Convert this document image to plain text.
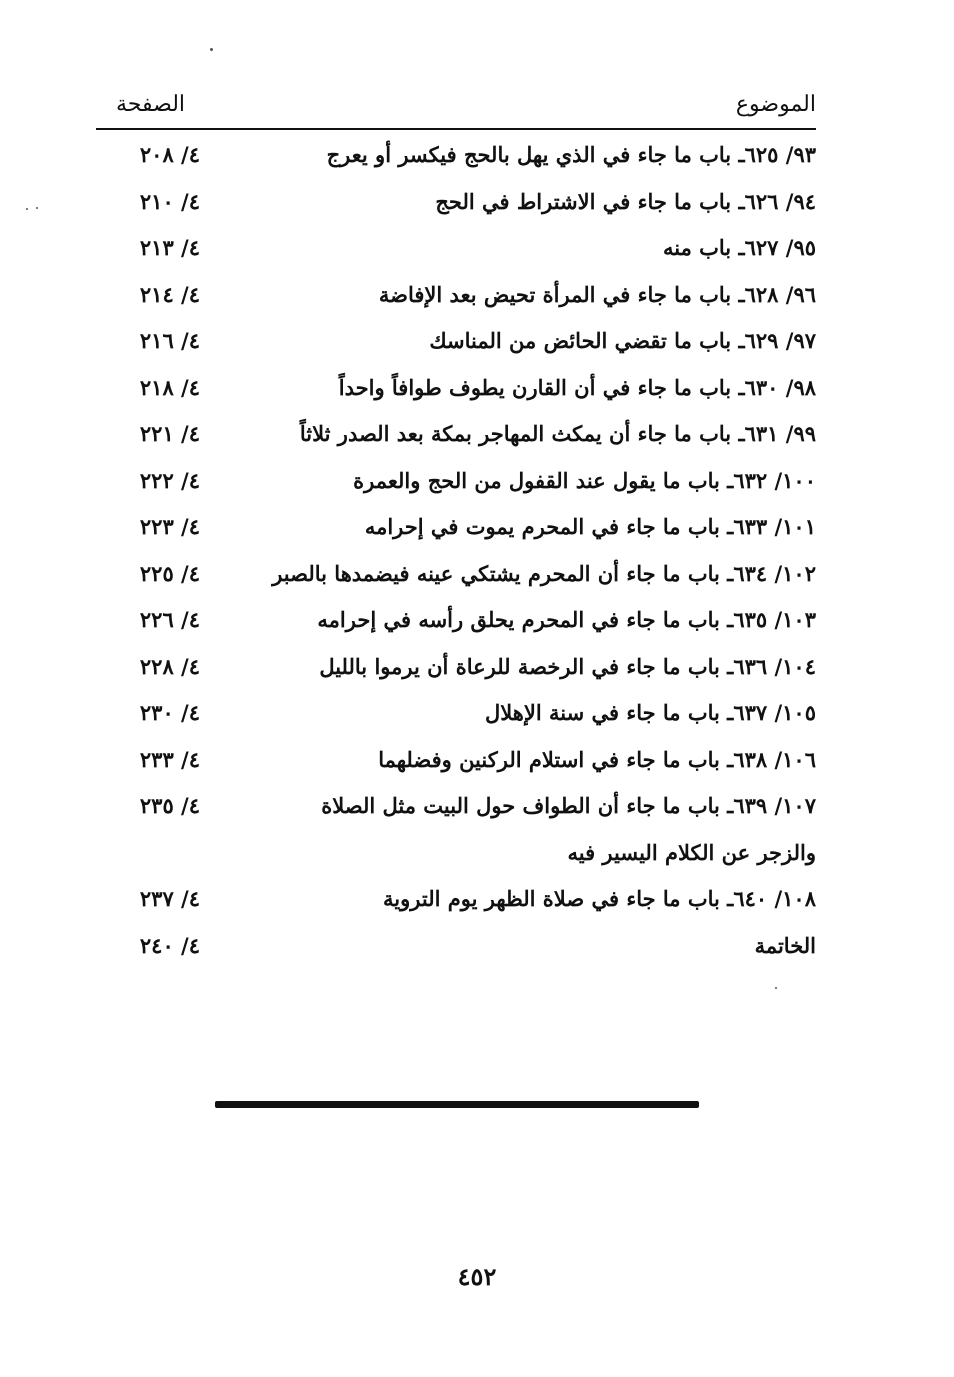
الموضوع
الصفحة
٩٣/ ٦٢٥ـ باب ما جاء في الذي يهل بالحج فيكسر أو يعرج
٤/ ٢٠٨
٩٤/ ٦٢٦ـ باب ما جاء في الاشتراط في الحج
٤/ ٢١٠
٩٥/ ٦٢٧ـ باب منه
٤/ ٢١٣
٩٦/ ٦٢٨ـ باب ما جاء في المرأة تحيض بعد الإفاضة
٤/ ٢١٤
٩٧/ ٦٢٩ـ باب ما تقضي الحائض من المناسك
٤/ ٢١٦
٩٨/ ٦٣٠ـ باب ما جاء في أن القارن يطوف طوافاً واحداً
٤/ ٢١٨
٩٩/ ٦٣١ـ باب ما جاء أن يمكث المهاجر بمكة بعد الصدر ثلاثاً
٤/ ٢٢١
١٠٠/ ٦٣٢ـ باب ما يقول عند القفول من الحج والعمرة
٤/ ٢٢٢
١٠١/ ٦٣٣ـ باب ما جاء في المحرم يموت في إحرامه
٤/ ٢٢٣
١٠٢/ ٦٣٤ـ باب ما جاء أن المحرم يشتكي عينه فيضمدها بالصبر
٤/ ٢٢٥
١٠٣/ ٦٣٥ـ باب ما جاء في المحرم يحلق رأسه في إحرامه
٤/ ٢٢٦
١٠٤/ ٦٣٦ـ باب ما جاء في الرخصة للرعاة أن يرموا بالليل
٤/ ٢٢٨
١٠٥/ ٦٣٧ـ باب ما جاء في سنة الإهلال
٤/ ٢٣٠
١٠٦/ ٦٣٨ـ باب ما جاء في استلام الركنين وفضلهما
٤/ ٢٣٣
١٠٧/ ٦٣٩ـ باب ما جاء أن الطواف حول البيت مثل الصلاة
٤/ ٢٣٥
والزجر عن الكلام اليسير فيه
١٠٨/ ٦٤٠ـ باب ما جاء في صلاة الظهر يوم التروية
٤/ ٢٣٧
الخاتمة
٤/ ٢٤٠
٤٥٢
